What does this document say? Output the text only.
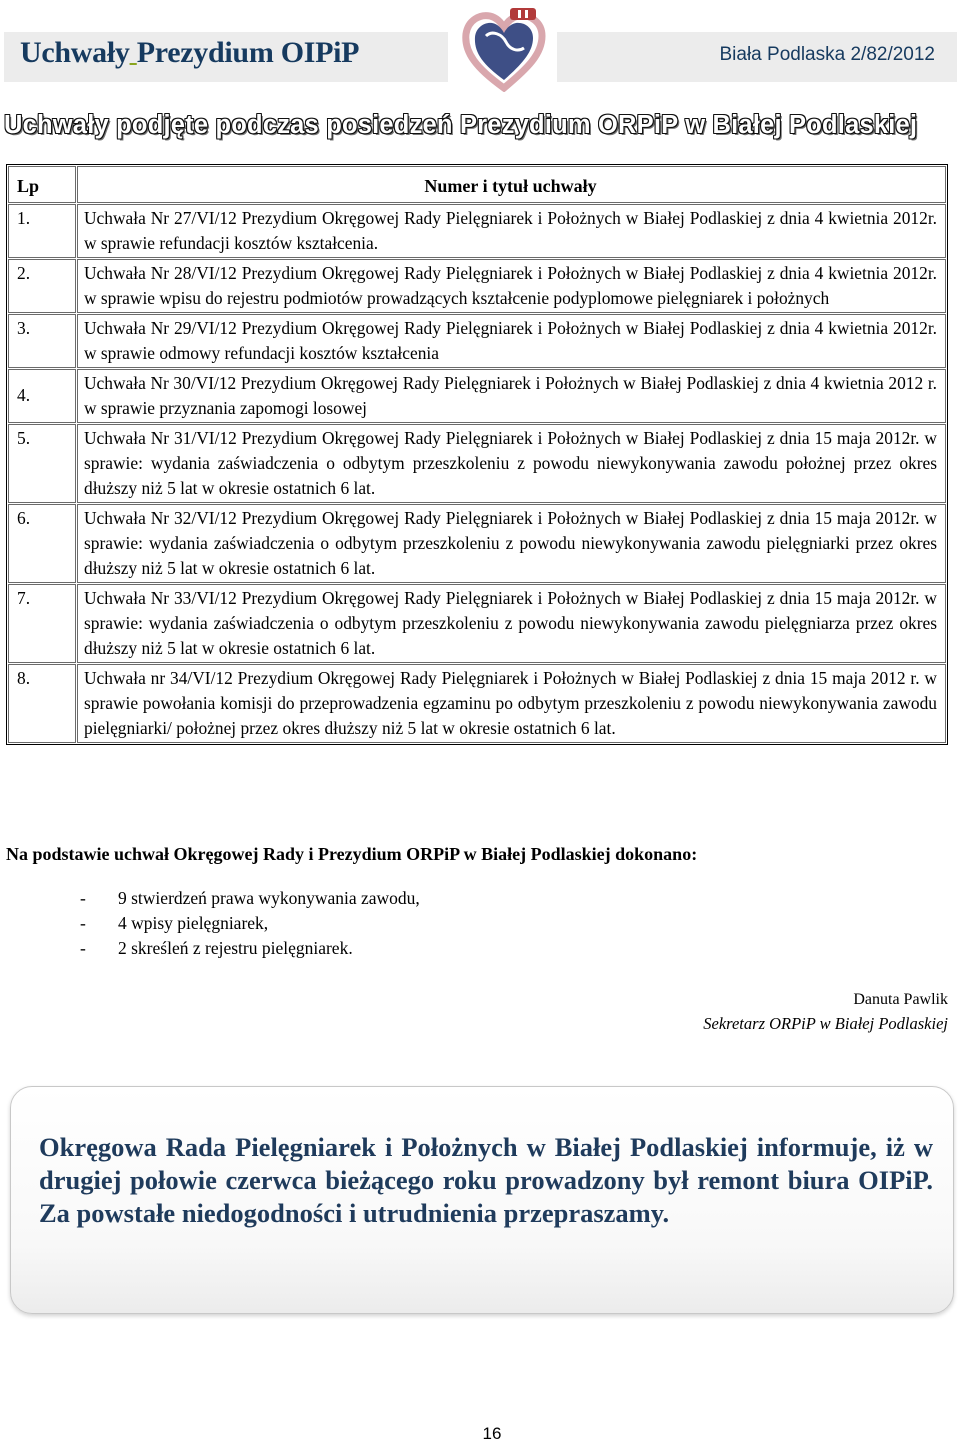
Uchwały Prezydium OIPiP	Biała Podlaska 2/82/2012
Uchwały podjęte podczas posiedzeń Prezydium ORPiP w Białej Podlaskiej
Lp	Numer i tytuł uchwały
1.	Uchwała Nr 27/VI/12 Prezydium Okręgowej Rady Pielęgniarek i Położnych w Białej Podlaskiej z dnia 4 kwietnia 2012r. w sprawie refundacji kosztów kształcenia.
2.	Uchwała Nr 28/VI/12 Prezydium Okręgowej Rady Pielęgniarek i Położnych w Białej Podlaskiej z dnia 4 kwietnia 2012r. w sprawie wpisu do rejestru podmiotów prowadzących kształcenie podyplomowe pielęgniarek i położnych
3.	Uchwała Nr 29/VI/12 Prezydium Okręgowej Rady Pielęgniarek i Położnych w Białej Podlaskiej z dnia 4 kwietnia 2012r. w sprawie odmowy refundacji kosztów kształcenia

4.	Uchwała Nr 30/VI/12 Prezydium Okręgowej Rady Pielęgniarek i Położnych w Białej Podlaskiej z dnia 4 kwietnia 2012 r. w sprawie przyznania zapomogi losowej
5.	Uchwała Nr 31/VI/12 Prezydium Okręgowej Rady Pielęgniarek i Położnych w Białej Podlaskiej z dnia 15 maja 2012r. w sprawie: wydania zaświadczenia o odbytym przeszkoleniu z powodu niewykonywania zawodu położnej przez okres dłuższy niż 5 lat w okresie ostatnich 6 lat.
6.	Uchwała Nr 32/VI/12 Prezydium Okręgowej Rady Pielęgniarek i Położnych w Białej Podlaskiej z dnia 15 maja 2012r. w sprawie: wydania zaświadczenia o odbytym przeszkoleniu z powodu niewykonywania zawodu pielęgniarki przez okres dłuższy niż 5 lat w okresie ostatnich 6 lat.
7.	Uchwała Nr 33/VI/12 Prezydium Okręgowej Rady Pielęgniarek i Położnych w Białej Podlaskiej z dnia 15 maja 2012r. w sprawie: wydania zaświadczenia o odbytym przeszkoleniu z powodu niewykonywania zawodu pielęgniarza przez okres dłuższy niż 5 lat w okresie ostatnich 6 lat.
8.	Uchwała nr 34/VI/12 Prezydium Okręgowej Rady Pielęgniarek i Położnych w Białej Podlaskiej z dnia 15 maja 2012 r. w sprawie powołania komisji do przeprowadzenia egzaminu po odbytym przeszkoleniu z powodu niewykonywania zawodu pielęgniarki/ położnej przez okres dłuższy niż 5 lat w okresie ostatnich 6 lat.
Na podstawie uchwał Okręgowej Rady i Prezydium ORPiP w Białej Podlaskiej dokonano:
- 9 stwierdzeń prawa wykonywania zawodu,
- 4 wpisy pielęgniarek,
- 2 skreśleń z rejestru pielęgniarek.
Danuta Pawlik
Sekretarz ORPiP w Białej Podlaskiej
Okręgowa Rada Pielęgniarek i Położnych w Białej Podlaskiej informuje, iż w drugiej połowie czerwca bieżącego roku prowadzony był remont biura OIPiP. Za powstałe niedogodności i utrudnienia przepraszamy.
16
